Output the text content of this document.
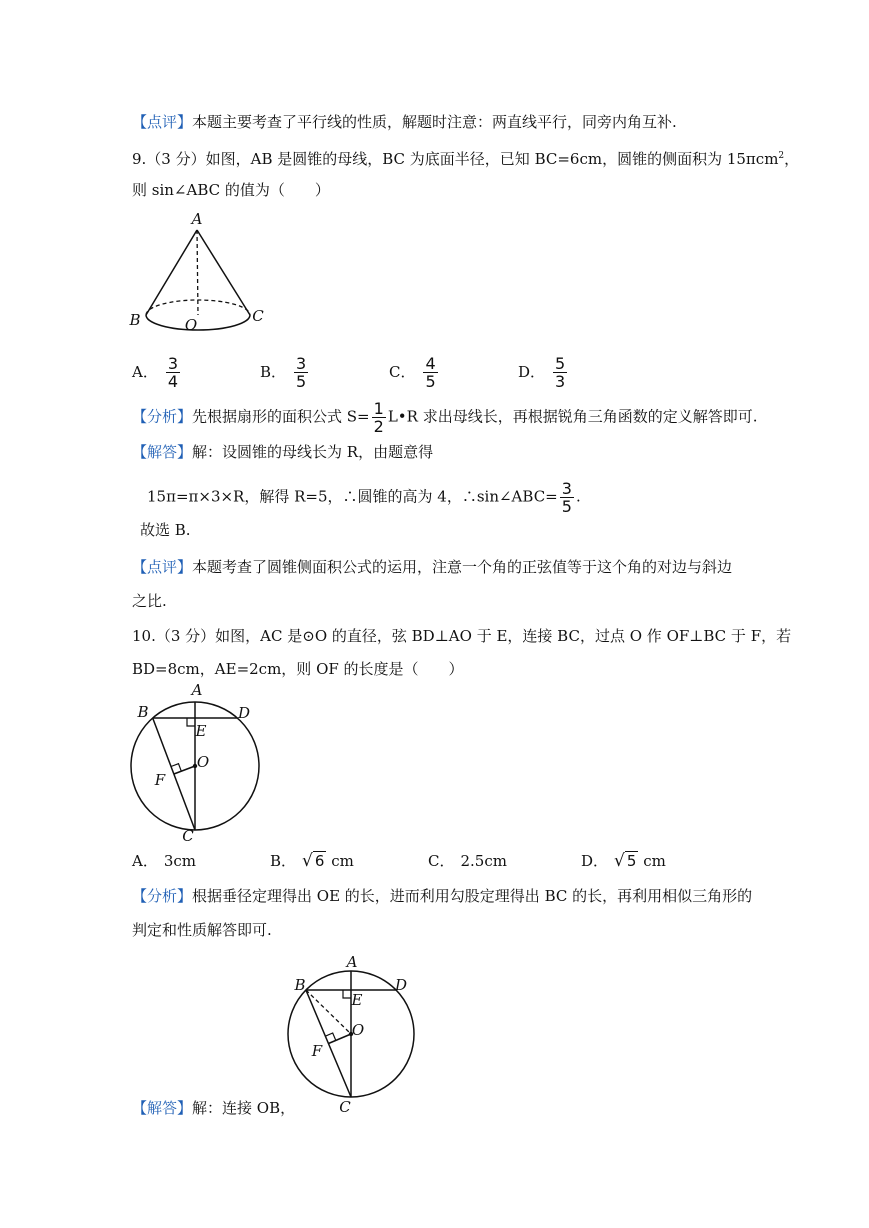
【点评】本题主要考查了平行线的性质，解题时注意：两直线平行，同旁内角互补.
9.（3 分）如图，AB 是圆锥的母线，BC 为底面半径，已知 BC=6cm，圆锥的侧面积为 15πcm$^2$，
则 sin∠ABC 的值为（　　）
A
B	C
O
A． $\frac{3}{4}$	B． $\frac{3}{5}$	C． $\frac{4}{5}$	D． $\frac{5}{3}$
【分析】先根据扇形的面积公式 $S= \frac{1}{2}$ L•R 求出母线长，再根据锐角三角函数的定义解答即可.
【解答】解：设圆锥的母线长为 R，由题意得
15π=π×3×R，解得 R=5，∴圆锥的高为 4，∴sin∠ABC= $\frac{3}{5}$ .
故选 B.
【点评】本题考查了圆锥侧面积公式的运用，注意一个角的正弦值等于这个角的对边与斜边
之比.
10.（3 分）如图，AC 是⊙O 的直径，弦 BD⊥AO 于 E，连接 BC，过点 O 作 OF⊥BC 于 F，若
BD=8cm，AE=2cm，则 OF 的长度是（　　）
A
B	D
E
O
F
C
A． 3cm	B． √ 6 cm	C． 2.5cm	D． √ 5 cm
【分析】根据垂径定理得出 OE 的长，进而利用勾股定理得出 BC 的长，再利用相似三角形的
判定和性质解答即可.
A
B	D
E
O
F
C
【解答】解：连接 OB，
